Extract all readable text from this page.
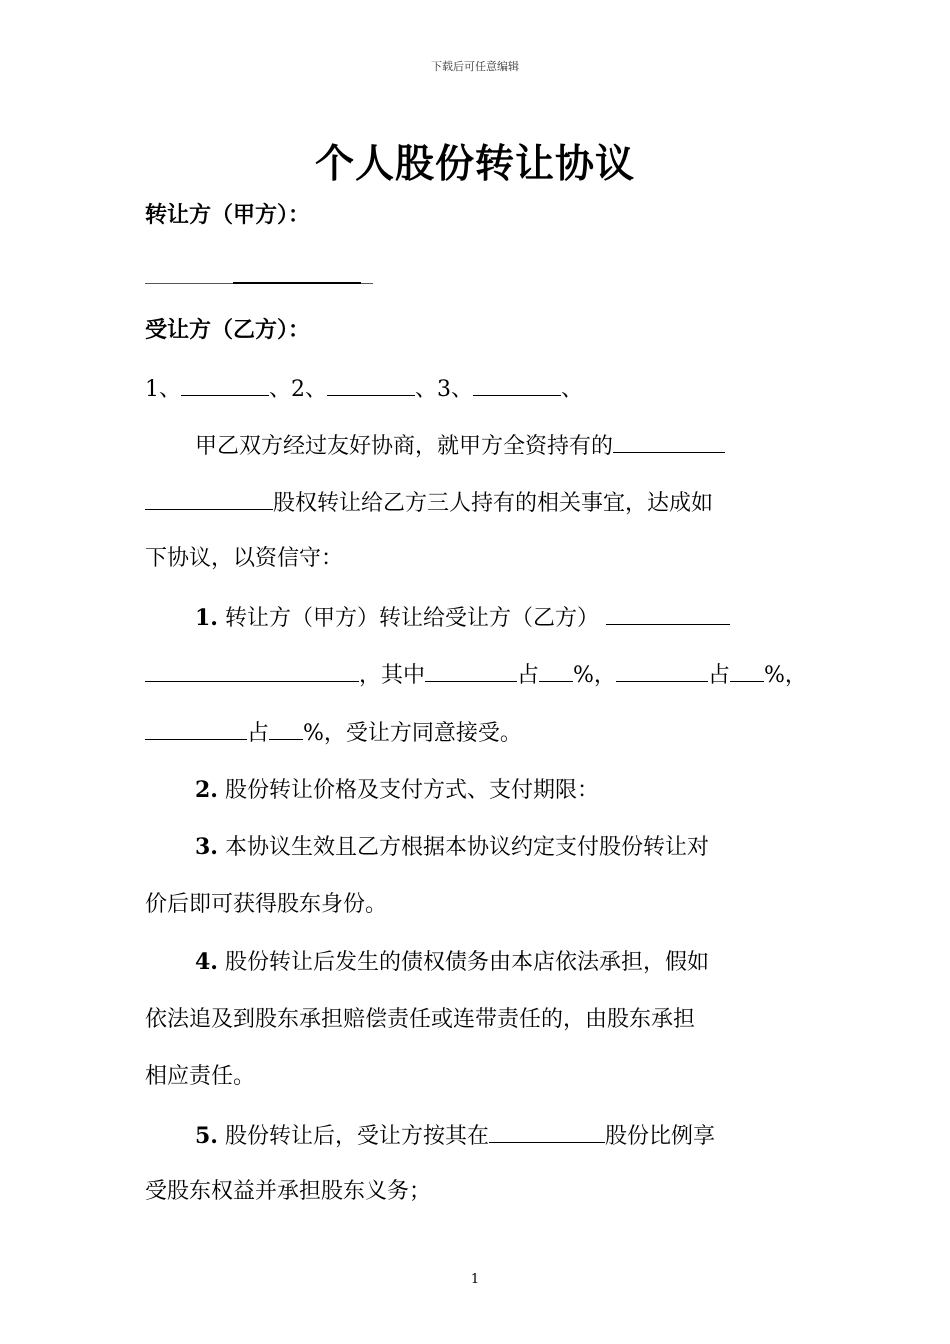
下载后可任意编辑
个人股份转让协议
转让方（甲方）：
受让方（乙方）：
1、	、2、	、3、	、
甲乙双方经过友好协商，就甲方全资持有的
股权转让给乙方三人持有的相关事宜，达成如
下协议，以资信守：
1. 转让方（甲方）转让给受让方（乙方）
，其中	占 %，	占 %，
占 %，受让方同意接受。
2. 股份转让价格及支付方式、支付期限：
3. 本协议生效且乙方根据本协议约定支付股份转让对
价后即可获得股东身份。
4. 股份转让后发生的债权债务由本店依法承担，假如
依法追及到股东承担赔偿责任或连带责任的，由股东承担
相应责任。
5. 股份转让后，受让方按其在	股份比例享
受股东权益并承担股东义务；
1
